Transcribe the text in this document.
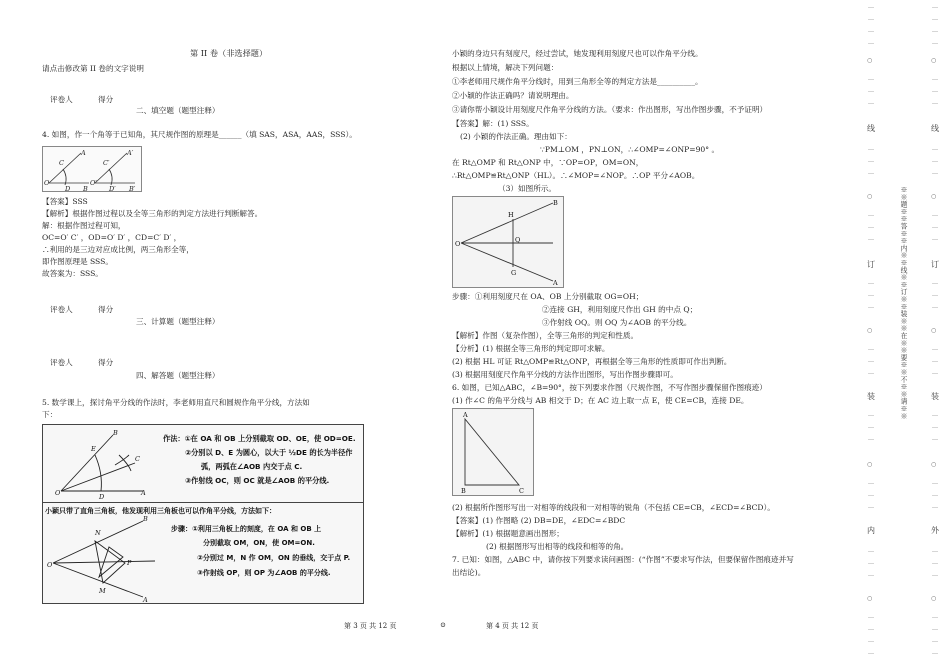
第 II 卷（非选择题）
请点击修改第 II 卷的文字说明
评卷人	得分
二、填空题（题型注释）
4. 如图，作一个角等于已知角，其尺规作图的原理是______（填 SAS，ASA，AAS，SSS）。
O
D B
C
A
O′
D′ B′
C′
A′
【答案】SSS
【解析】根据作图过程以及全等三角形的判定方法进行判断解答。
解：根据作图过程可知，
OC=O′ C′ ，OD=O′ D′ ，CD=C′ D′ ，
∴利用的是三边对应成比例，两三角形全等，
即作图原理是 SSS。
故答案为：SSS。
评卷人	得分
三、计算题（题型注释）
评卷人	得分
四、解答题（题型注释）
5. 数学课上，探讨角平分线的作法时，李老师用直尺和圆规作角平分线，方法如
下：
O	D	A
B
E
C
作法：①在 OA 和 OB 上分别截取 OD、OE，使 OD=OE.
②分别以 D、E 为圆心，以大于 ½DE 的长为半径作
弧，两弧在∠AOB 内交于点 C.
③作射线 OC，则 OC 就是∠AOB 的平分线.
小颖只带了直角三角板，他发现利用三角板也可以作角平分线，方法如下：
步骤：①利用三角板上的刻度，在 OA 和 OB 上
分别截取 OM，ON，使 OM=ON.
②分别过 M，N 作 OM，ON 的垂线，交于点 P.
③作射线 OP，则 OP 为∠AOB 的平分线.
O
N
P
M
B
A
小颖的身边只有刻度尺，经过尝试，她发现利用刻度尺也可以作角平分线。
根据以上情境，解决下列问题：
①李老师用尺规作角平分线时，用到三角形全等的判定方法是__________。
②小颖的作法正确吗？请说明理由。
③请你帮小颖设计用刻度尺作角平分线的方法。（要求：作出图形，写出作图步骤，不予证明）
【答案】解：(1) SSS。
(2) 小颖的作法正确。理由如下：
∵PM⊥OM ，PN⊥ON，∴∠OMP=∠ONP=90° 。
在 Rt△OMP 和 Rt△ONP 中，∵OP=OP，OM=ON，
∴Rt△OMP≌Rt△ONP（HL）。∴∠MOP=∠NOP。∴OP 平分∠AOB。
（3）如图所示。
O
H
Q
G
B
A
步骤：①利用刻度尺在 OA、OB 上分别截取 OG=OH；
②连接 GH，利用刻度尺作出 GH 的中点 Q；
③作射线 OQ。则 OQ 为∠AOB 的平分线。
【解析】作图（复杂作图），全等三角形的判定和性质。
【分析】(1) 根据全等三角形的判定即可求解。
(2) 根据 HL 可证 Rt△OMP≌Rt△ONP，再根据全等三角形的性质即可作出判断。
(3) 根据用刻度尺作角平分线的方法作出图形，写出作图步骤即可。
6. 如图，已知△ABC，∠B=90°，按下列要求作图（尺规作图，不写作图步骤保留作图痕迹）
(1) 作∠C 的角平分线与 AB 相交于 D；在 AC 边上取一点 E，使 CE=CB，连接 DE。
A
B	C
(2) 根据所作图形写出一对相等的线段和一对相等的锐角（不包括 CE=CB，∠ECD=∠BCD）。
【答案】(1) 作图略 (2) DB=DE，∠EDC=∠BDC
【解析】(1) 根据题意画出图形；
(2) 根据图形写出相等的线段和相等的角。
7. 已知：如图，△ABC 中，请你按下列要求读问画图：(“作图”不要求写作法，但要保留作图痕迹并写
出结论)。
第 3 页 共 12 页	⊙	第 4 页 共 12 页
…
…
…
…
○
…
…
…
…
…
…
○
…
…
…
…
…
…
○
…
…
…
…
…
…
○
…
…
…
…
…
…
○
…
…
…
…
线
订
装
内
※※题※※答※※内※※线※※订※※装※※在※※要※※不※※请※※
…
…
…
…
○
…
…
…
…
…
…
○
…
…
…
…
…
…
○
…
…
…
…
…
…
○
…
…
…
…
…
…
○
…
…
…
…
线
订
装
外
